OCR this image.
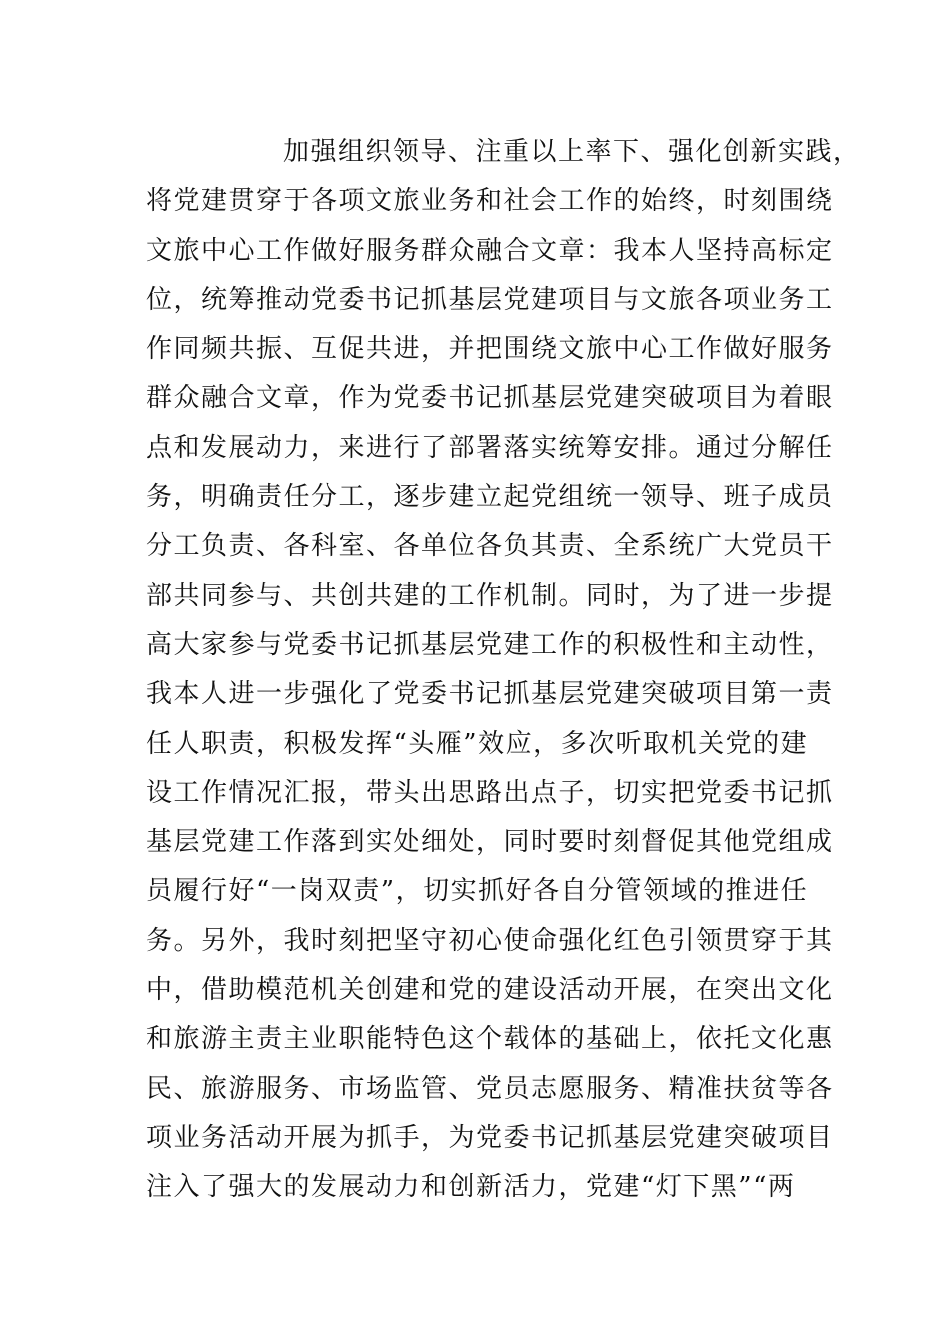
加强组织领导、注重以上率下、强化创新实践，
将党建贯穿于各项文旅业务和社会工作的始终，时刻围绕
文旅中心工作做好服务群众融合文章：我本人坚持高标定
位，统筹推动党委书记抓基层党建项目与文旅各项业务工
作同频共振、互促共进，并把围绕文旅中心工作做好服务
群众融合文章，作为党委书记抓基层党建突破项目为着眼
点和发展动力，来进行了部署落实统筹安排。通过分解任
务，明确责任分工，逐步建立起党组统一领导、班子成员
分工负责、各科室、各单位各负其责、全系统广大党员干
部共同参与、共创共建的工作机制。同时，为了进一步提
高大家参与党委书记抓基层党建工作的积极性和主动性，
我本人进一步强化了党委书记抓基层党建突破项目第一责
任人职责，积极发挥“头雁”效应，多次听取机关党的建
设工作情况汇报，带头出思路出点子，切实把党委书记抓
基层党建工作落到实处细处，同时要时刻督促其他党组成
员履行好“一岗双责”，切实抓好各自分管领域的推进任
务。另外，我时刻把坚守初心使命强化红色引领贯穿于其
中，借助模范机关创建和党的建设活动开展，在突出文化
和旅游主责主业职能特色这个载体的基础上，依托文化惠
民、旅游服务、市场监管、党员志愿服务、精准扶贫等各
项业务活动开展为抓手，为党委书记抓基层党建突破项目
注入了强大的发展动力和创新活力，党建“灯下黑”“两
